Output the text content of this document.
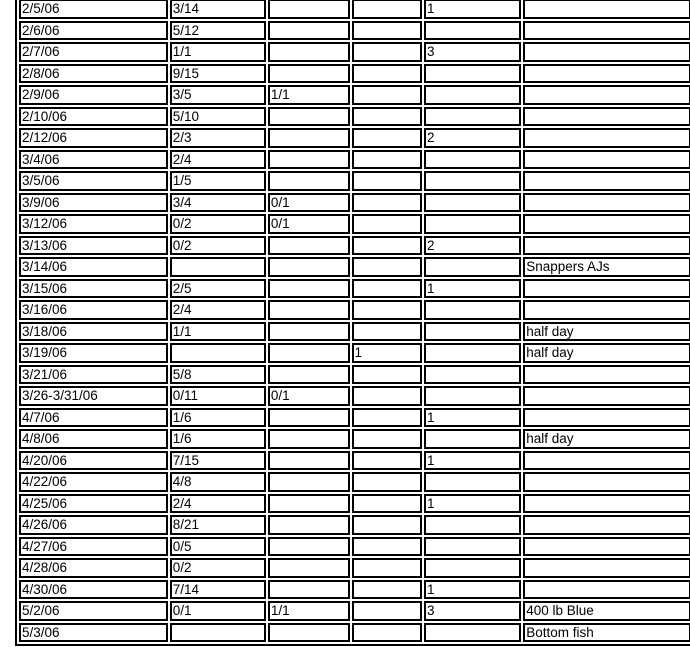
2/5/06	3/14			1	
2/6/06	5/12				
2/7/06	1/1			3	
2/8/06	9/15				
2/9/06	3/5	1/1			
2/10/06	5/10				
2/12/06	2/3			2	
3/4/06	2/4				
3/5/06	1/5				
3/9/06	3/4	0/1			
3/12/06	0/2	0/1			
3/13/06	0/2			2	
3/14/06					Snappers AJs
3/15/06	2/5			1	
3/16/06	2/4				
3/18/06	1/1				half day
3/19/06			1		half day
3/21/06	5/8				
3/26-3/31/06	0/11	0/1			
4/7/06	1/6			1	
4/8/06	1/6				half day
4/20/06	7/15			1	
4/22/06	4/8				
4/25/06	2/4			1	
4/26/06	8/21				
4/27/06	0/5				
4/28/06	0/2				
4/30/06	7/14			1	
5/2/06	0/1	1/1		3	400 lb Blue
5/3/06					Bottom fish
